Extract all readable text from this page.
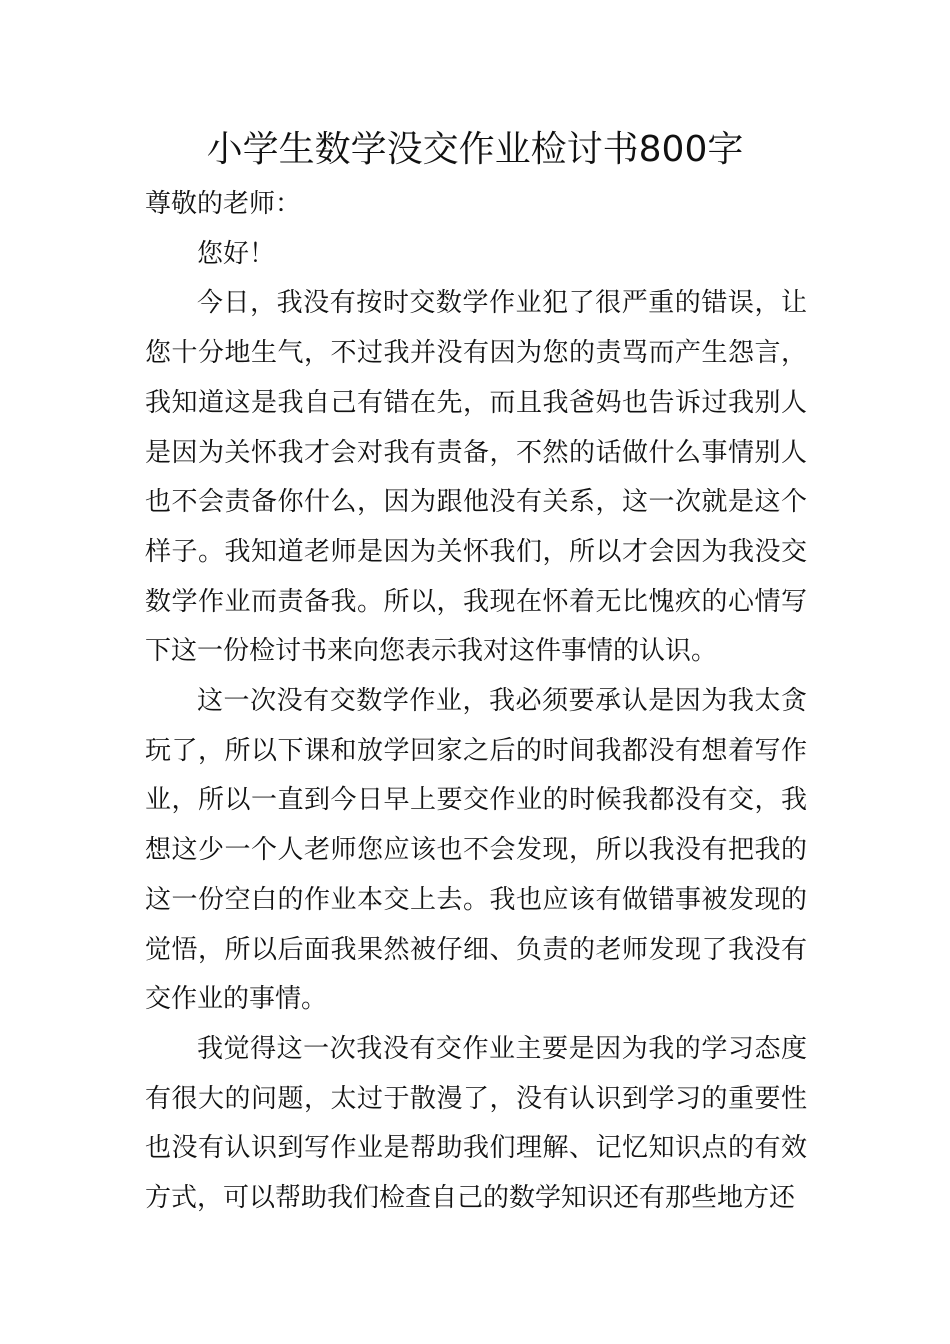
小学生数学没交作业检讨书800字

尊敬的老师：

您好！

今日，我没有按时交数学作业犯了很严重的错误，让您十分地生气，不过我并没有因为您的责骂而产生怨言，我知道这是我自己有错在先，而且我爸妈也告诉过我别人是因为关怀我才会对我有责备，不然的话做什么事情别人也不会责备你什么，因为跟他没有关系，这一次就是这个样子。我知道老师是因为关怀我们，所以才会因为我没交数学作业而责备我。所以，我现在怀着无比愧疚的心情写下这一份检讨书来向您表示我对这件事情的认识。

这一次没有交数学作业，我必须要承认是因为我太贪玩了，所以下课和放学回家之后的时间我都没有想着写作业，所以一直到今日早上要交作业的时候我都没有交，我想这少一个人老师您应该也不会发现，所以我没有把我的这一份空白的作业本交上去。我也应该有做错事被发现的觉悟，所以后面我果然被仔细、负责的老师发现了我没有交作业的事情。

我觉得这一次我没有交作业主要是因为我的学习态度有很大的问题，太过于散漫了，没有认识到学习的重要性也没有认识到写作业是帮助我们理解、记忆知识点的有效方式，可以帮助我们检查自己的数学知识还有那些地方还
